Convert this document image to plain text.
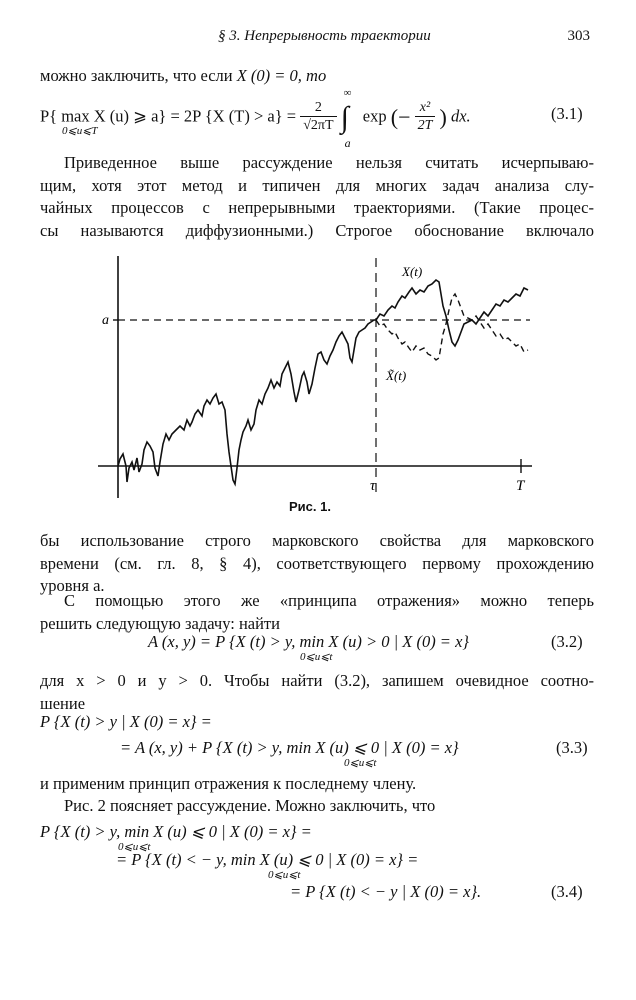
§ 3. Непрерывность траектории	303
можно заключить, что если X (0) = 0, то
P{ max X (u) ⩾ a} = 2P {X $(T) > a\} = \frac{2}{√2\pi T}$ ∫
∞
a
exp (− $\frac{\text{x²}}{2T}$ ) dx.
0⩽u⩽T
(3.1)
Приведенное выше рассуждение нельзя считать исчерпываю-
щим, хотя этот метод и типичен для многих задач анализа слу-
чайных процессов с непрерывными траекториями. (Такие процес-
сы называются диффузионными.) Строгое обоснование включало
a
τ	T
X(t)
X̃(t)
Рис. 1.
бы использование строго марковского свойства для марковского
времени (см. гл. 8, § 4), соответствующего первому прохождению
уровня a.
С помощью этого же «принципа отражения» можно теперь
решить следующую задачу: найти
A (x, y) = P {X (t) > y, min X (u) > 0 | X (0) = x}
0⩽u⩽t
(3.2)
для x > 0 и y > 0. Чтобы найти (3.2), запишем очевидное соотно-
шение
P {X (t) > y | X (0) = x} =
= A (x, y) + P {X (t) > y, min X (u) ⩽ 0 | X (0) = x}
0⩽u⩽t
(3.3)
и применим принцип отражения к последнему члену.
Рис. 2 поясняет рассуждение. Можно заключить, что
P {X (t) > y, min X (u) ⩽ 0 | X (0) = x} =
0⩽u⩽t
= P {X (t) < − y, min X (u) ⩽ 0 | X (0) = x} =
0⩽u⩽t
= P {X (t) < − y | X (0) = x}.	(3.4)
